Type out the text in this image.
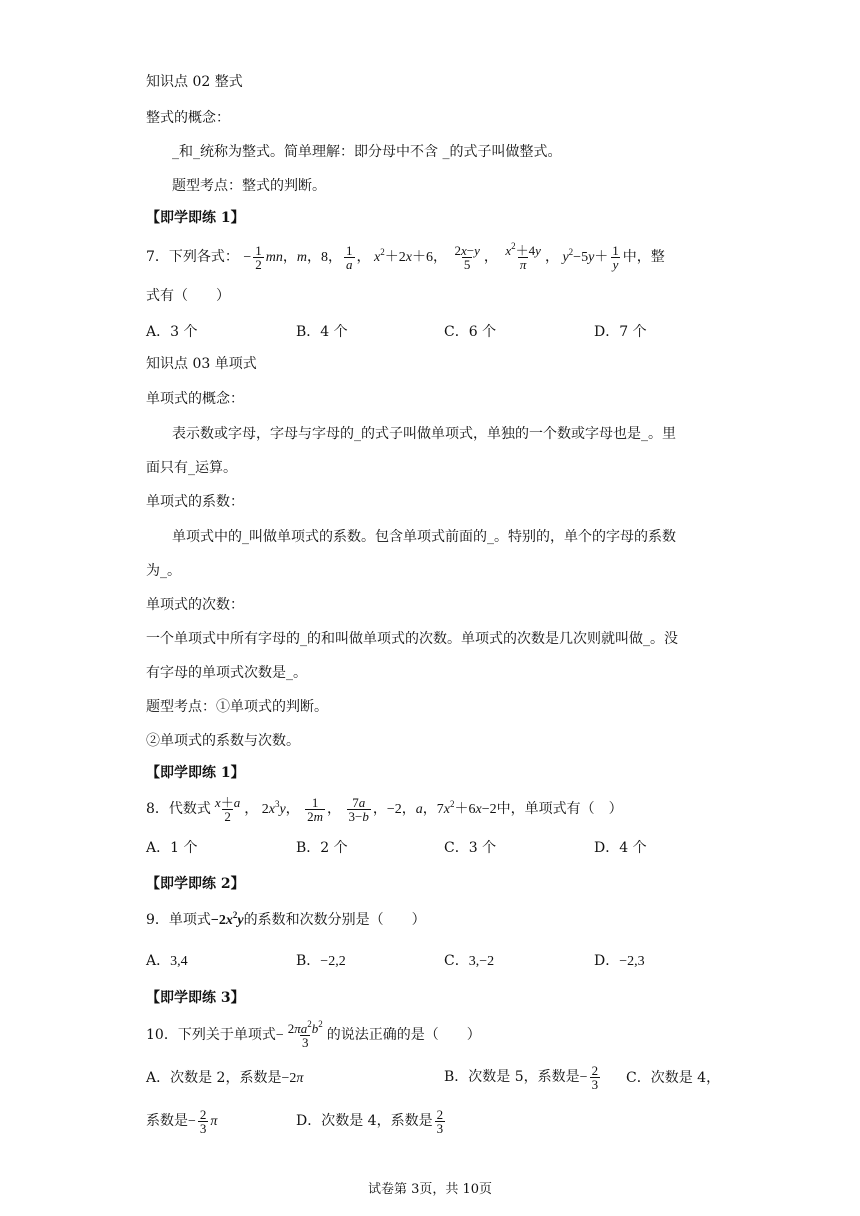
知识点 02 整式
整式的概念：
_和_统称为整式。简单理解：即分母中不含 _的式子叫做整式。
题型考点：整式的判断。
【即学即练 1】
7．下列各式： − $\frac{1}{2}$ mn，m，8， $\frac{1}{a}$ ， $x^2+2x+6$， $\frac{2x-y}{5}$ ， $\frac{x^2+4y}{\pi}$ ， $y^2-5y+ \frac{1}{y}$ 中，整
式有（　　）
A．3 个	B．4 个	C．6 个	D．7 个
知识点 03 单项式
单项式的概念：
表示数或字母，字母与字母的_的式子叫做单项式，单独的一个数或字母也是_。里
面只有_运算。
单项式的系数：
单项式中的_叫做单项式的系数。包含单项式前面的_。特别的，单个的字母的系数
为_。
单项式的次数：
一个单项式中所有字母的_的和叫做单项式的次数。单项式的次数是几次则就叫做_。没
有字母的单项式次数是_。
题型考点：①单项式的判断。
②单项式的系数与次数。
【即学即练 1】
8．代数式 $\frac{x+a}{2}$ ， $2x^3y$， $\frac{1}{2m}$ ， $\frac{7a}{3-b}$ ，−2，a，$7x^2+6x-2$中，单项式有（　）
A．1 个	B．2 个	C．3 个	D．4 个
【即学即练 2】
9．单项式$-2x^2y$的系数和次数分别是（　　）
A．3,4	B．−2,2	C．3,−2	D．−2,3
【即学即练 3】
10．下列关于单项式− $\frac{2\pi a^2b^2}{3}$ 的说法正确的是（　　）
A．次数是 2，系数是−2π	B．次数是 5，系数是− $\frac{2}{3}$ C．次数是 4，
系数是− $\frac{2}{3}$ π	D．次数是 4，系数是 $\frac{2}{3}$
试卷第 3页，共 10页
